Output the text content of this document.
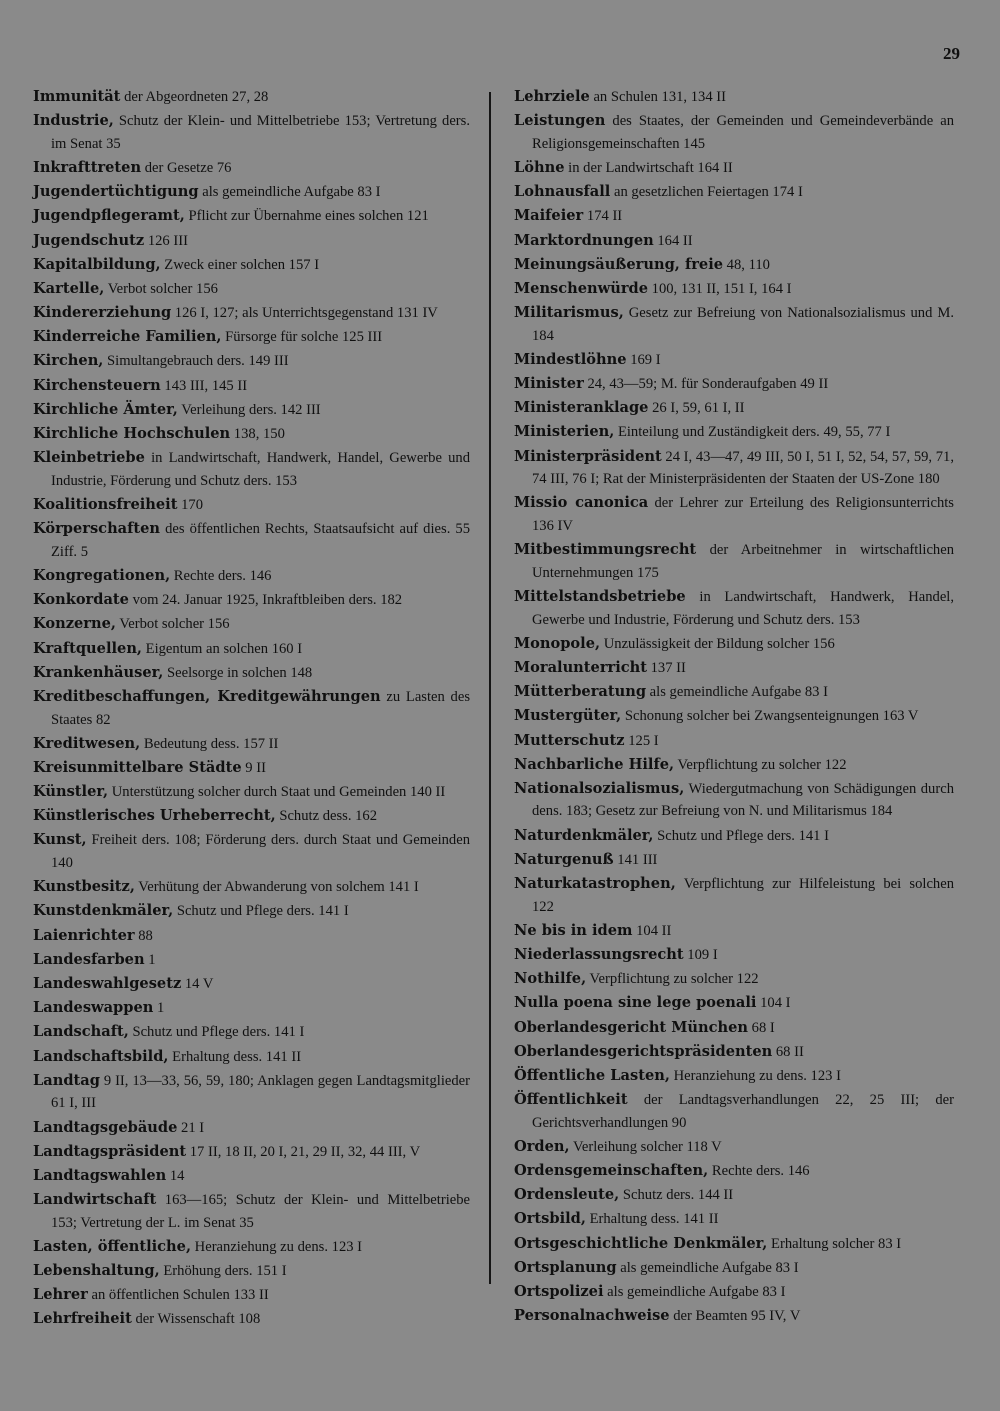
29
Immunität der Abgeordneten 27, 28
Industrie, Schutz der Klein- und Mittelbetriebe 153; Vertretung ders. im Senat 35
Inkrafttreten der Gesetze 76
Jugendertüchtigung als gemeindliche Aufgabe 83 I
Jugendpflegeramt, Pflicht zur Übernahme eines solchen 121
Jugendschutz 126 III
Kapitalbildung, Zweck einer solchen 157 I
Kartelle, Verbot solcher 156
Kindererziehung 126 I, 127; als Unterrichtsgegenstand 131 IV
Kinderreiche Familien, Fürsorge für solche 125 III
Kirchen, Simultangebrauch ders. 149 III
Kirchensteuern 143 III, 145 II
Kirchliche Ämter, Verleihung ders. 142 III
Kirchliche Hochschulen 138, 150
Kleinbetriebe in Landwirtschaft, Handwerk, Handel, Gewerbe und Industrie, Förderung und Schutz ders. 153
Koalitionsfreiheit 170
Körperschaften des öffentlichen Rechts, Staatsaufsicht auf dies. 55 Ziff. 5
Kongregationen, Rechte ders. 146
Konkordate vom 24. Januar 1925, Inkraftbleiben ders. 182
Konzerne, Verbot solcher 156
Kraftquellen, Eigentum an solchen 160 I
Krankenhäuser, Seelsorge in solchen 148
Kreditbeschaffungen, Kreditgewährungen zu Lasten des Staates 82
Kreditwesen, Bedeutung dess. 157 II
Kreisunmittelbare Städte 9 II
Künstler, Unterstützung solcher durch Staat und Gemeinden 140 II
Künstlerisches Urheberrecht, Schutz dess. 162
Kunst, Freiheit ders. 108; Förderung ders. durch Staat und Gemeinden 140
Kunstbesitz, Verhütung der Abwanderung von solchem 141 I
Kunstdenkmäler, Schutz und Pflege ders. 141 I
Laienrichter 88
Landesfarben 1
Landeswahlgesetz 14 V
Landeswappen 1
Landschaft, Schutz und Pflege ders. 141 I
Landschaftsbild, Erhaltung dess. 141 II
Landtag 9 II, 13—33, 56, 59, 180; Anklagen gegen Landtagsmitglieder 61 I, III
Landtagsgebäude 21 I
Landtagspräsident 17 II, 18 II, 20 I, 21, 29 II, 32, 44 III, V
Landtagswahlen 14
Landwirtschaft 163—165; Schutz der Klein- und Mittelbetriebe 153; Vertretung der L. im Senat 35
Lasten, öffentliche, Heranziehung zu dens. 123 I
Lebenshaltung, Erhöhung ders. 151 I
Lehrer an öffentlichen Schulen 133 II
Lehrfreiheit der Wissenschaft 108
Lehrziele an Schulen 131, 134 II
Leistungen des Staates, der Gemeinden und Gemeindeverbände an Religionsgemeinschaften 145
Löhne in der Landwirtschaft 164 II
Lohnausfall an gesetzlichen Feiertagen 174 I
Maifeier 174 II
Marktordnungen 164 II
Meinungsäußerung, freie 48, 110
Menschenwürde 100, 131 II, 151 I, 164 I
Militarismus, Gesetz zur Befreiung von Nationalsozialismus und M. 184
Mindestlöhne 169 I
Minister 24, 43—59; M. für Sonderaufgaben 49 II
Ministeranklage 26 I, 59, 61 I, II
Ministerien, Einteilung und Zuständigkeit ders. 49, 55, 77 I
Ministerpräsident 24 I, 43—47, 49 III, 50 I, 51 I, 52, 54, 57, 59, 71, 74 III, 76 I; Rat der Ministerpräsidenten der Staaten der US-Zone 180
Missio canonica der Lehrer zur Erteilung des Religionsunterrichts 136 IV
Mitbestimmungsrecht der Arbeitnehmer in wirtschaftlichen Unternehmungen 175
Mittelstandsbetriebe in Landwirtschaft, Handwerk, Handel, Gewerbe und Industrie, Förderung und Schutz ders. 153
Monopole, Unzulässigkeit der Bildung solcher 156
Moralunterricht 137 II
Mütterberatung als gemeindliche Aufgabe 83 I
Mustergüter, Schonung solcher bei Zwangsenteignungen 163 V
Mutterschutz 125 I
Nachbarliche Hilfe, Verpflichtung zu solcher 122
Nationalsozialismus, Wiedergutmachung von Schädigungen durch dens. 183; Gesetz zur Befreiung von N. und Militarismus 184
Naturdenkmäler, Schutz und Pflege ders. 141 I
Naturgenuß 141 III
Naturkatastrophen, Verpflichtung zur Hilfeleistung bei solchen 122
Ne bis in idem 104 II
Niederlassungsrecht 109 I
Nothilfe, Verpflichtung zu solcher 122
Nulla poena sine lege poenali 104 I
Oberlandesgericht München 68 I
Oberlandesgerichtspräsidenten 68 II
Öffentliche Lasten, Heranziehung zu dens. 123 I
Öffentlichkeit der Landtagsverhandlungen 22, 25 III; der Gerichtsverhandlungen 90
Orden, Verleihung solcher 118 V
Ordensgemeinschaften, Rechte ders. 146
Ordensleute, Schutz ders. 144 II
Ortsbild, Erhaltung dess. 141 II
Ortsgeschichtliche Denkmäler, Erhaltung solcher 83 I
Ortsplanung als gemeindliche Aufgabe 83 I
Ortspolizei als gemeindliche Aufgabe 83 I
Personalnachweise der Beamten 95 IV, V
